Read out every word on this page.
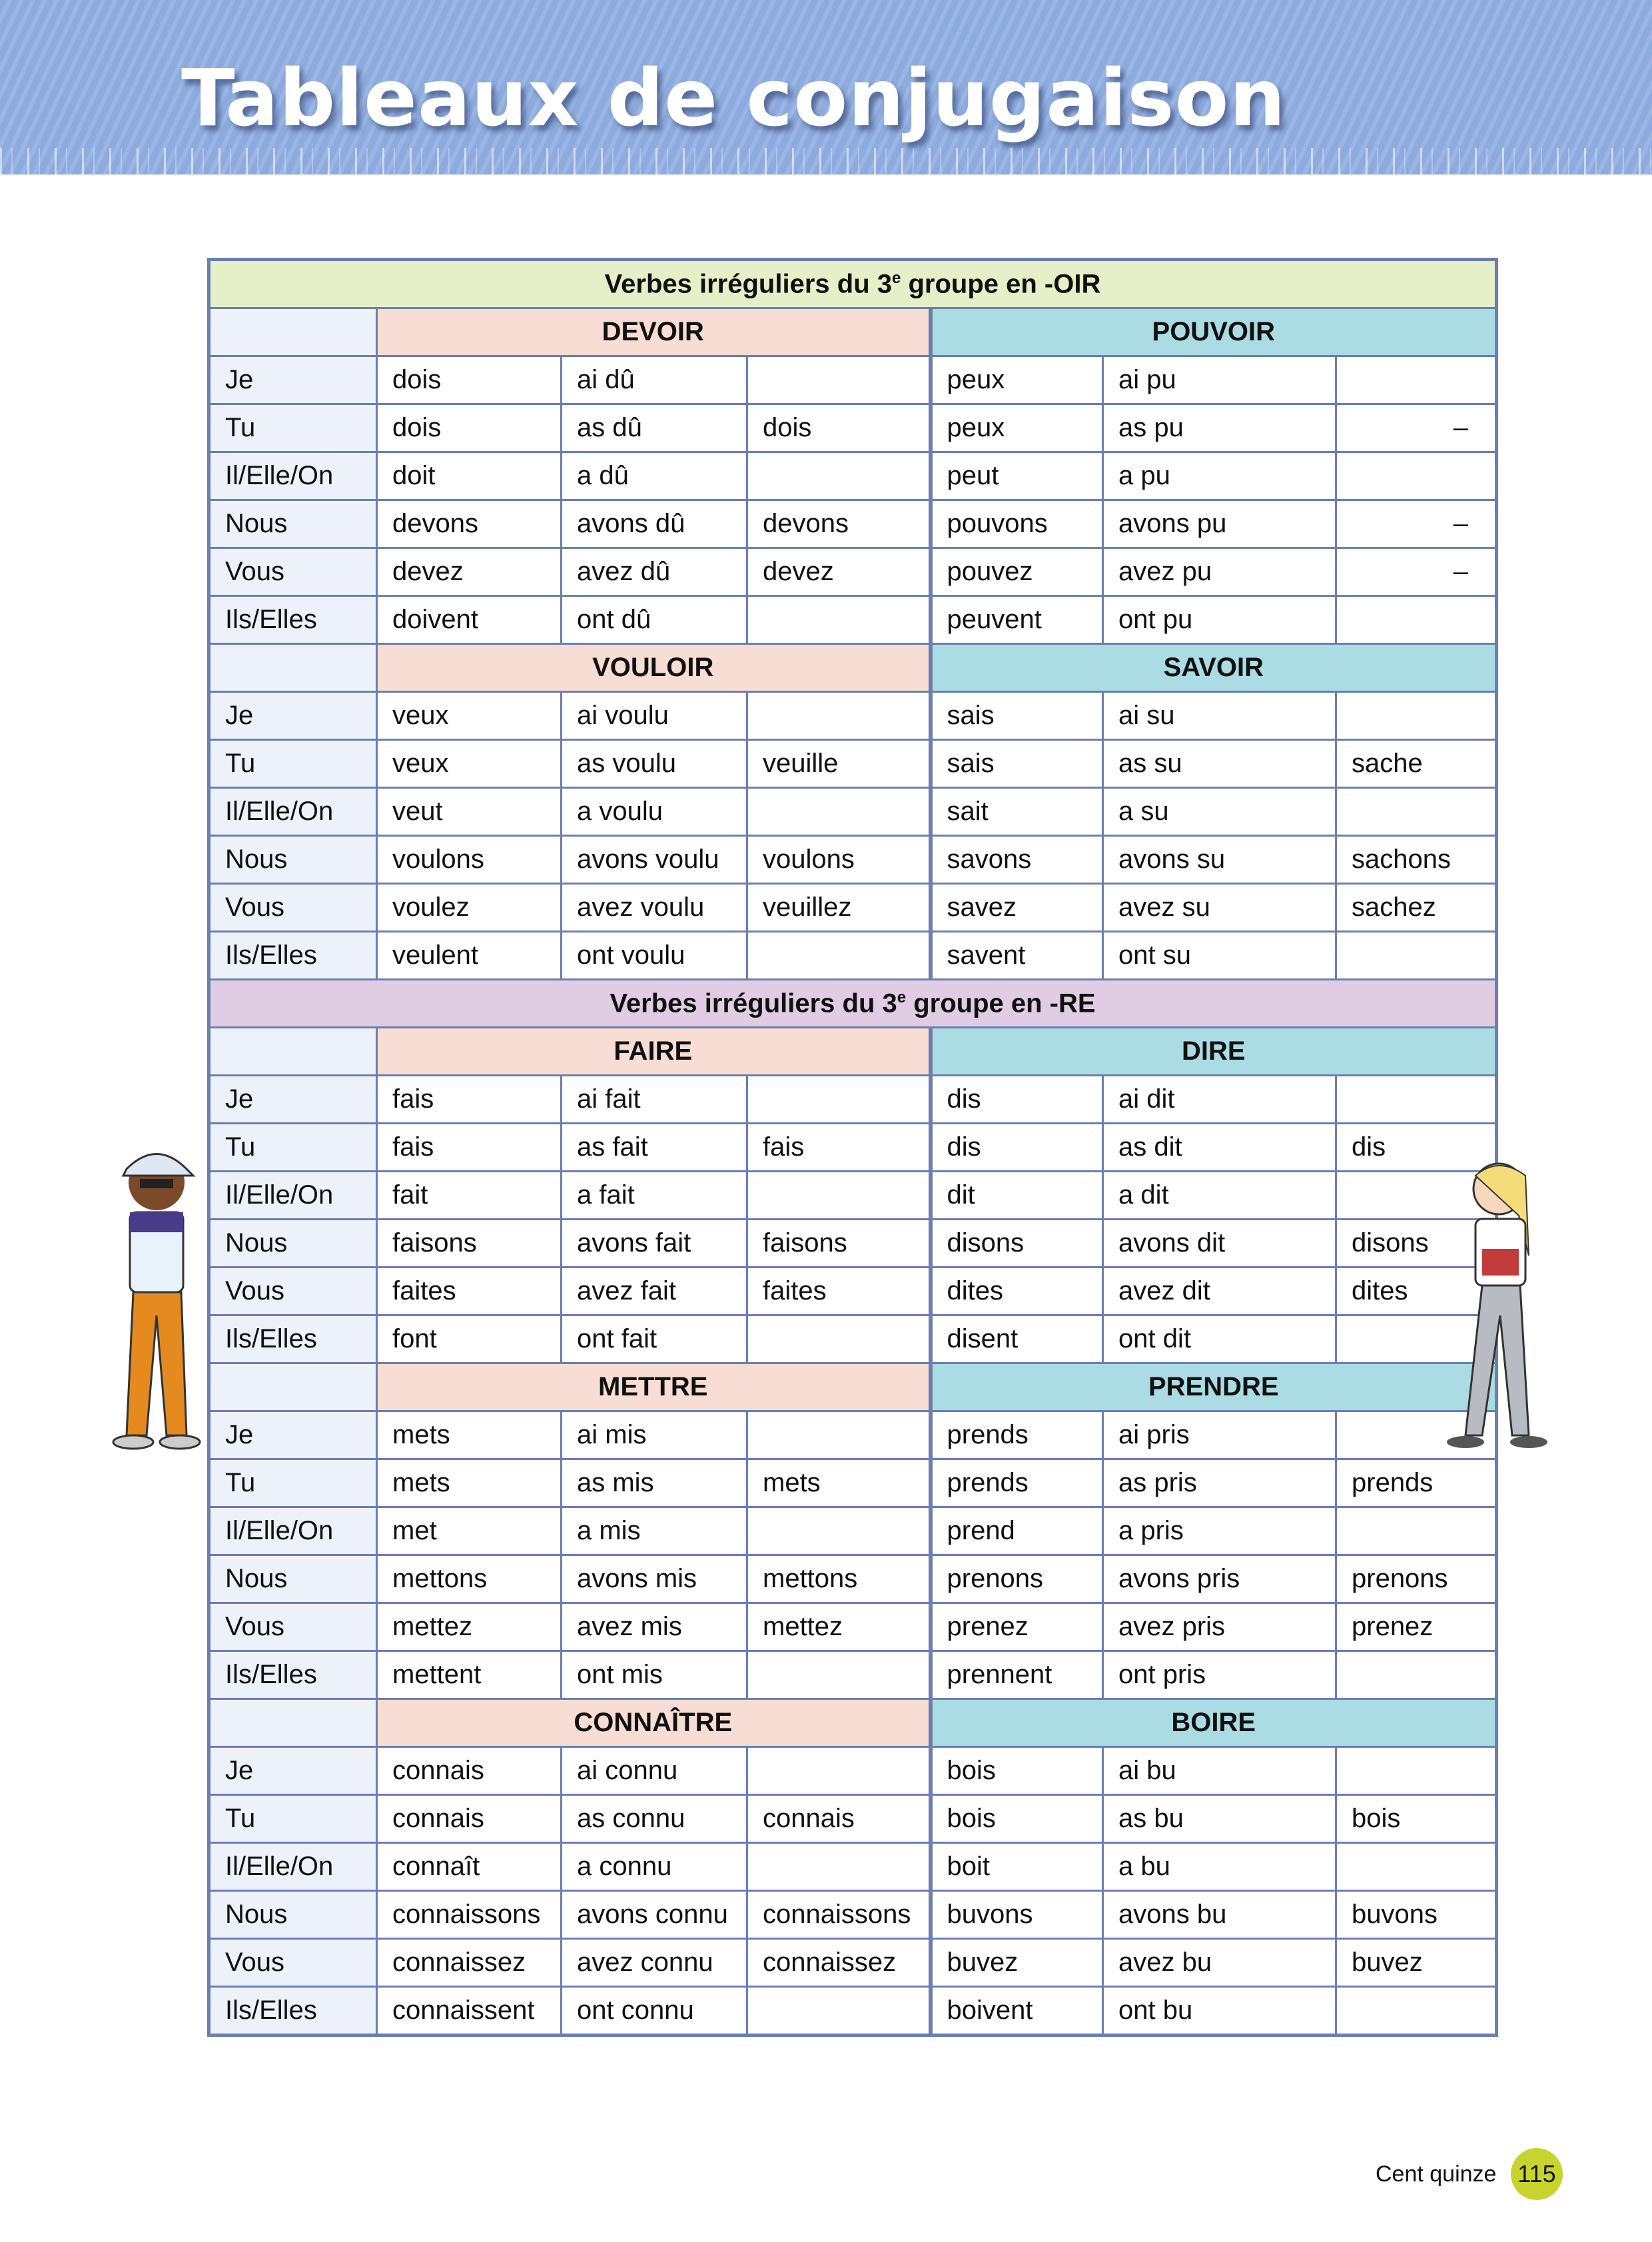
Tableaux de conjugaison
Verbes irréguliers du 3e groupe en -OIR						
	DEVOIR			POUVOIR		
Je	dois	ai dû		peux	ai pu	
Tu	dois	as dû	dois	peux	as pu	–
Il/Elle/On	doit	a dû		peut	a pu	
Nous	devons	avons dû	devons	pouvons	avons pu	–
Vous	devez	avez dû	devez	pouvez	avez pu	–
Ils/Elles	doivent	ont dû		peuvent	ont pu	
	VOULOIR			SAVOIR		
Je	veux	ai voulu		sais	ai su	
Tu	veux	as voulu	veuille	sais	as su	sache
Il/Elle/On	veut	a voulu		sait	a su	
Nous	voulons	avons voulu	voulons	savons	avons su	sachons
Vous	voulez	avez voulu	veuillez	savez	avez su	sachez
Ils/Elles	veulent	ont voulu		savent	ont su	
Verbes irréguliers du 3e groupe en -RE						
	FAIRE			DIRE		
Je	fais	ai fait		dis	ai dit	
Tu	fais	as fait	fais	dis	as dit	dis
Il/Elle/On	fait	a fait		dit	a dit	
Nous	faisons	avons fait	faisons	disons	avons dit	disons
Vous	faites	avez fait	faites	dites	avez dit	dites
Ils/Elles	font	ont fait		disent	ont dit	
	METTRE			PRENDRE		
Je	mets	ai mis		prends	ai pris	
Tu	mets	as mis	mets	prends	as pris	prends
Il/Elle/On	met	a mis		prend	a pris	
Nous	mettons	avons mis	mettons	prenons	avons pris	prenons
Vous	mettez	avez mis	mettez	prenez	avez pris	prenez
Ils/Elles	mettent	ont mis		prennent	ont pris	
	CONNAÎTRE			BOIRE		
Je	connais	ai connu		bois	ai bu	
Tu	connais	as connu	connais	bois	as bu	bois
Il/Elle/On	connaît	a connu		boit	a bu	
Nous	connaissons	avons connu	connaissons	buvons	avons bu	buvons
Vous	connaissez	avez connu	connaissez	buvez	avez bu	buvez
Ils/Elles	connaissent	ont connu		boivent	ont bu	
Cent quinze 115
